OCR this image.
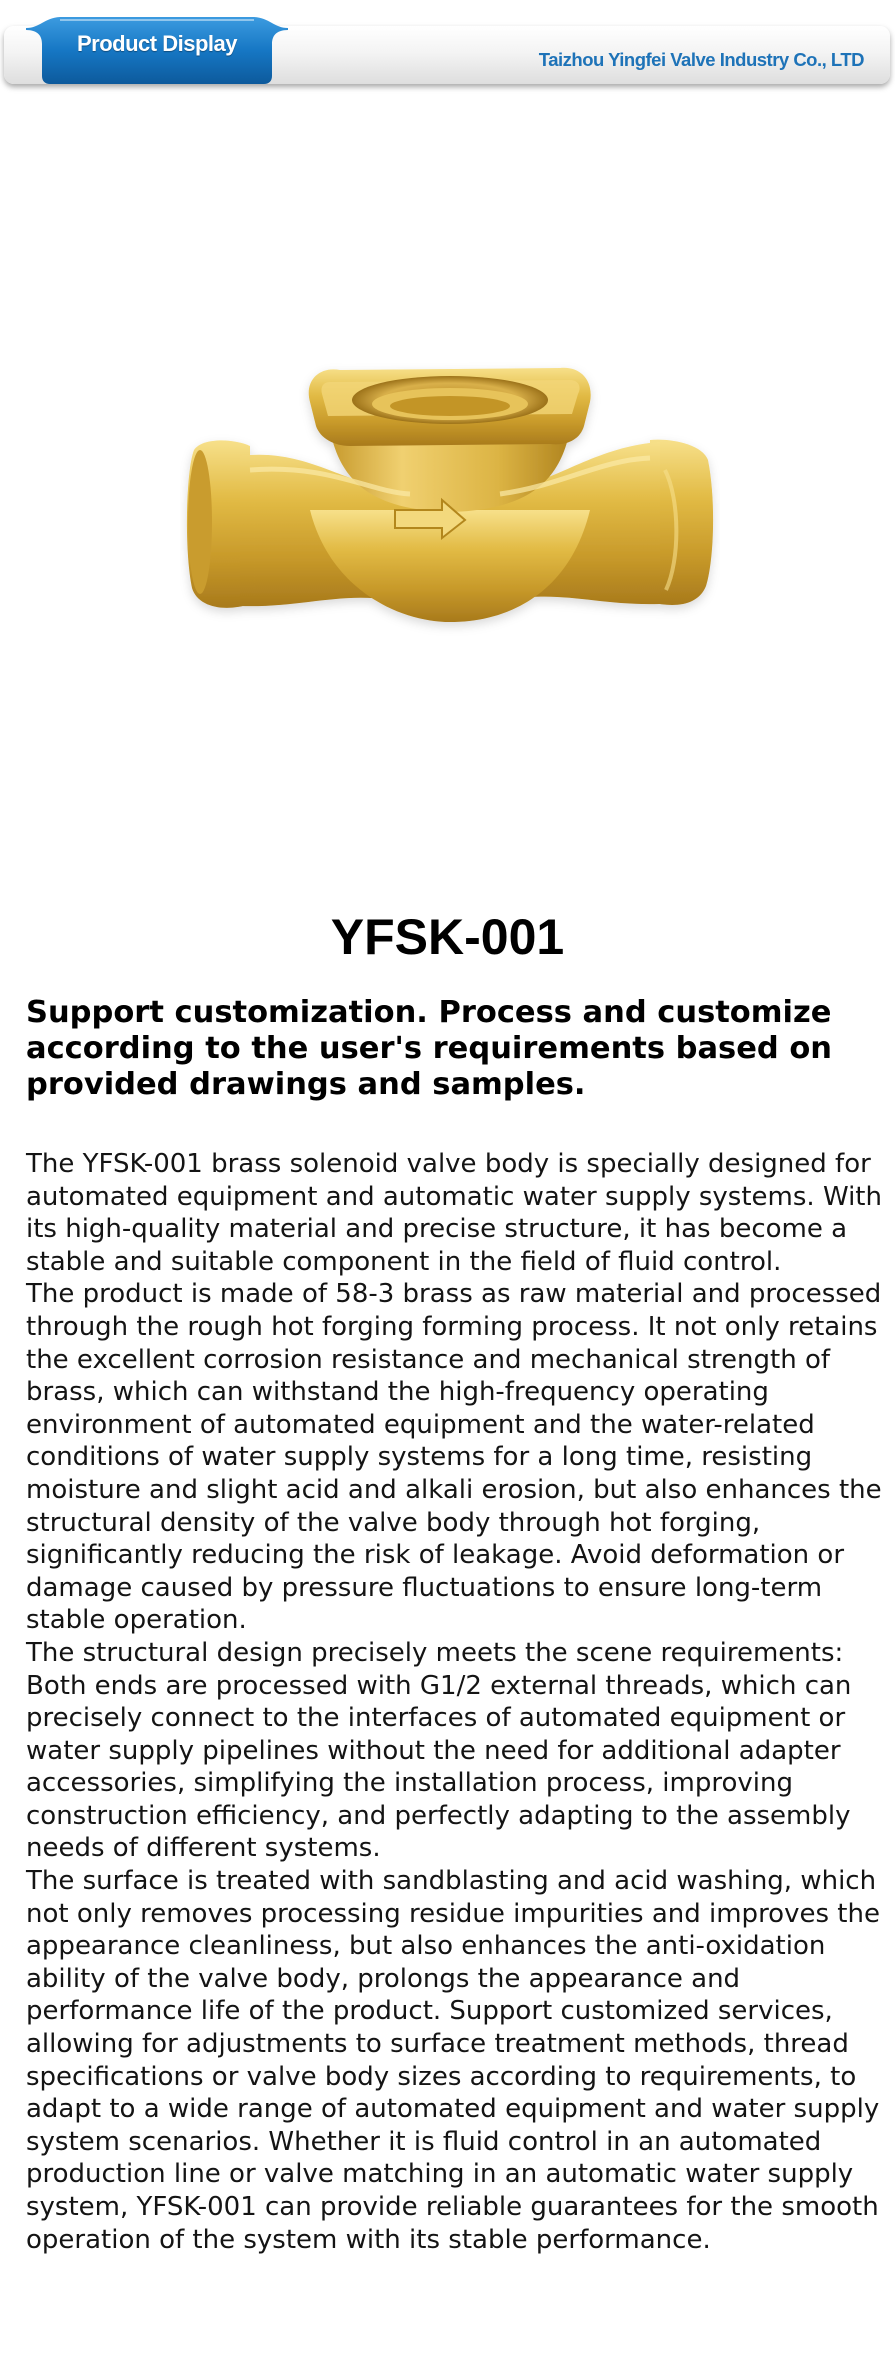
Product Display
Taizhou Yingfei Valve Industry Co., LTD
YFSK-001
Support customization. Process and customize according to the user's requirements based on provided drawings and samples.

The YFSK-001 brass solenoid valve body is specially designed for automated equipment and automatic water supply systems. With its high-quality material and precise structure, it has become a stable and suitable component in the field of fluid control.

The product is made of 58-3 brass as raw material and processed through the rough hot forging forming process. It not only retains the excellent corrosion resistance and mechanical strength of brass, which can withstand the high-frequency operating environment of automated equipment and the water-related conditions of water supply systems for a long time, resisting moisture and slight acid and alkali erosion, but also enhances the structural density of the valve body through hot forging, significantly reducing the risk of leakage. Avoid deformation or damage caused by pressure fluctuations to ensure long-term stable operation.

The structural design precisely meets the scene requirements: Both ends are processed with G1/2 external threads, which can precisely connect to the interfaces of automated equipment or water supply pipelines without the need for additional adapter accessories, simplifying the installation process, improving construction efficiency, and perfectly adapting to the assembly needs of different systems.

The surface is treated with sandblasting and acid washing, which not only removes processing residue impurities and improves the appearance cleanliness, but also enhances the anti-oxidation ability of the valve body, prolongs the appearance and performance life of the product. Support customized services, allowing for adjustments to surface treatment methods, thread specifications or valve body sizes according to requirements, to adapt to a wide range of automated equipment and water supply system scenarios. Whether it is fluid control in an automated production line or valve matching in an automatic water supply system, YFSK-001 can provide reliable guarantees for the smooth operation of the system with its stable performance.
